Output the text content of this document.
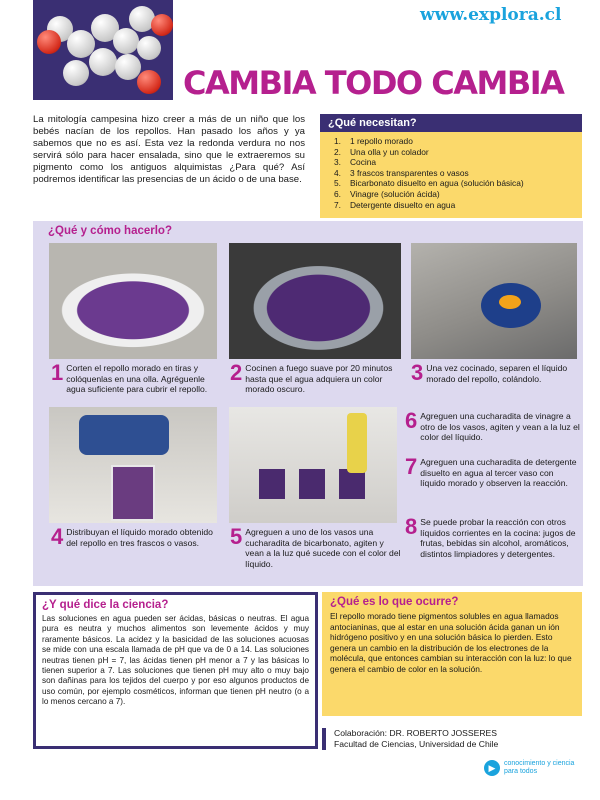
www.explora.cl
CAMBIA TODO CAMBIA

La mitología campesina hizo creer a más de un niño que los bebés nacían de los repollos. Han pasado los años y ya sabemos que no es así. Esta vez la redonda verdura no nos servirá sólo para hacer ensalada, sino que le extraeremos su pigmento como los antiguos alquimistas ¿Para qué? Así podremos identificar las presencias de un ácido o de una base.

¿Qué necesitan?
1.	1 repollo morado
2.	Una olla y un colador
3.	Cocina
4.	3 frascos transparentes o vasos
5.	Bicarbonato disuelto en agua (solución básica)
6.	Vinagre (solución ácida)
7.	Detergente disuelto en agua
¿Qué y cómo hacerlo?
1 Corten el repollo morado en tiras y colóquenlas en una olla. Agréguenle agua suficiente para cubrir el repollo.
2 Cocinen a fuego suave por 20 minutos hasta que el agua adquiera un color morado oscuro.
3 Una vez cocinado, separen el líquido morado del repollo, colándolo.
4 Distribuyan el líquido morado obtenido del repollo en tres frascos o vasos.	5 Agreguen a uno de los vasos una cucharadita de bicarbonato, agiten y vean a la luz qué sucede con el color del líquido.
6 Agreguen una cucharadita de vinagre a otro de los vasos, agiten y vean a la luz el color del líquido.
7 Agreguen una cucharadita de detergente disuelto en agua al tercer vaso con líquido morado y observen la reacción.
8 Se puede probar la reacción con otros líquidos corrientes en la cocina: jugos de frutas, bebidas sin alcohol, aromáticos, distintos limpiadores y detergentes.
¿Y qué dice la ciencia?

Las soluciones en agua pueden ser ácidas, básicas o neutras. El agua pura es neutra y muchos alimentos son levemente ácidos y muy raramente básicos. La acidez y la basicidad de las soluciones acuosas se mide con una escala llamada de pH que va de 0 a 14. Las soluciones neutras tienen pH = 7, las ácidas tienen pH menor a 7 y las básicas lo tienen superior a 7. Las soluciones que tienen pH muy alto o muy bajo son dañinas para los tejidos del cuerpo y por eso algunos productos de uso común, por ejemplo cosméticos, informan que tienen pH neutro (o a lo menos cercano a 7).

¿Qué es lo que ocurre?

El repollo morado tiene pigmentos solubles en agua llamados antocianinas, que al estar en una solución ácida ganan un ión hidrógeno positivo y en una solución básica lo pierden. Esto genera un cambio en la distribución de los electrones de la molécula, que entonces cambian su interacción con la luz: lo que genera el cambio de color en la solución.

Colaboración: DR. ROBERTO JOSSERES
Facultad de Ciencias, Universidad de Chile
▶	conocimiento y ciencia
para todos
